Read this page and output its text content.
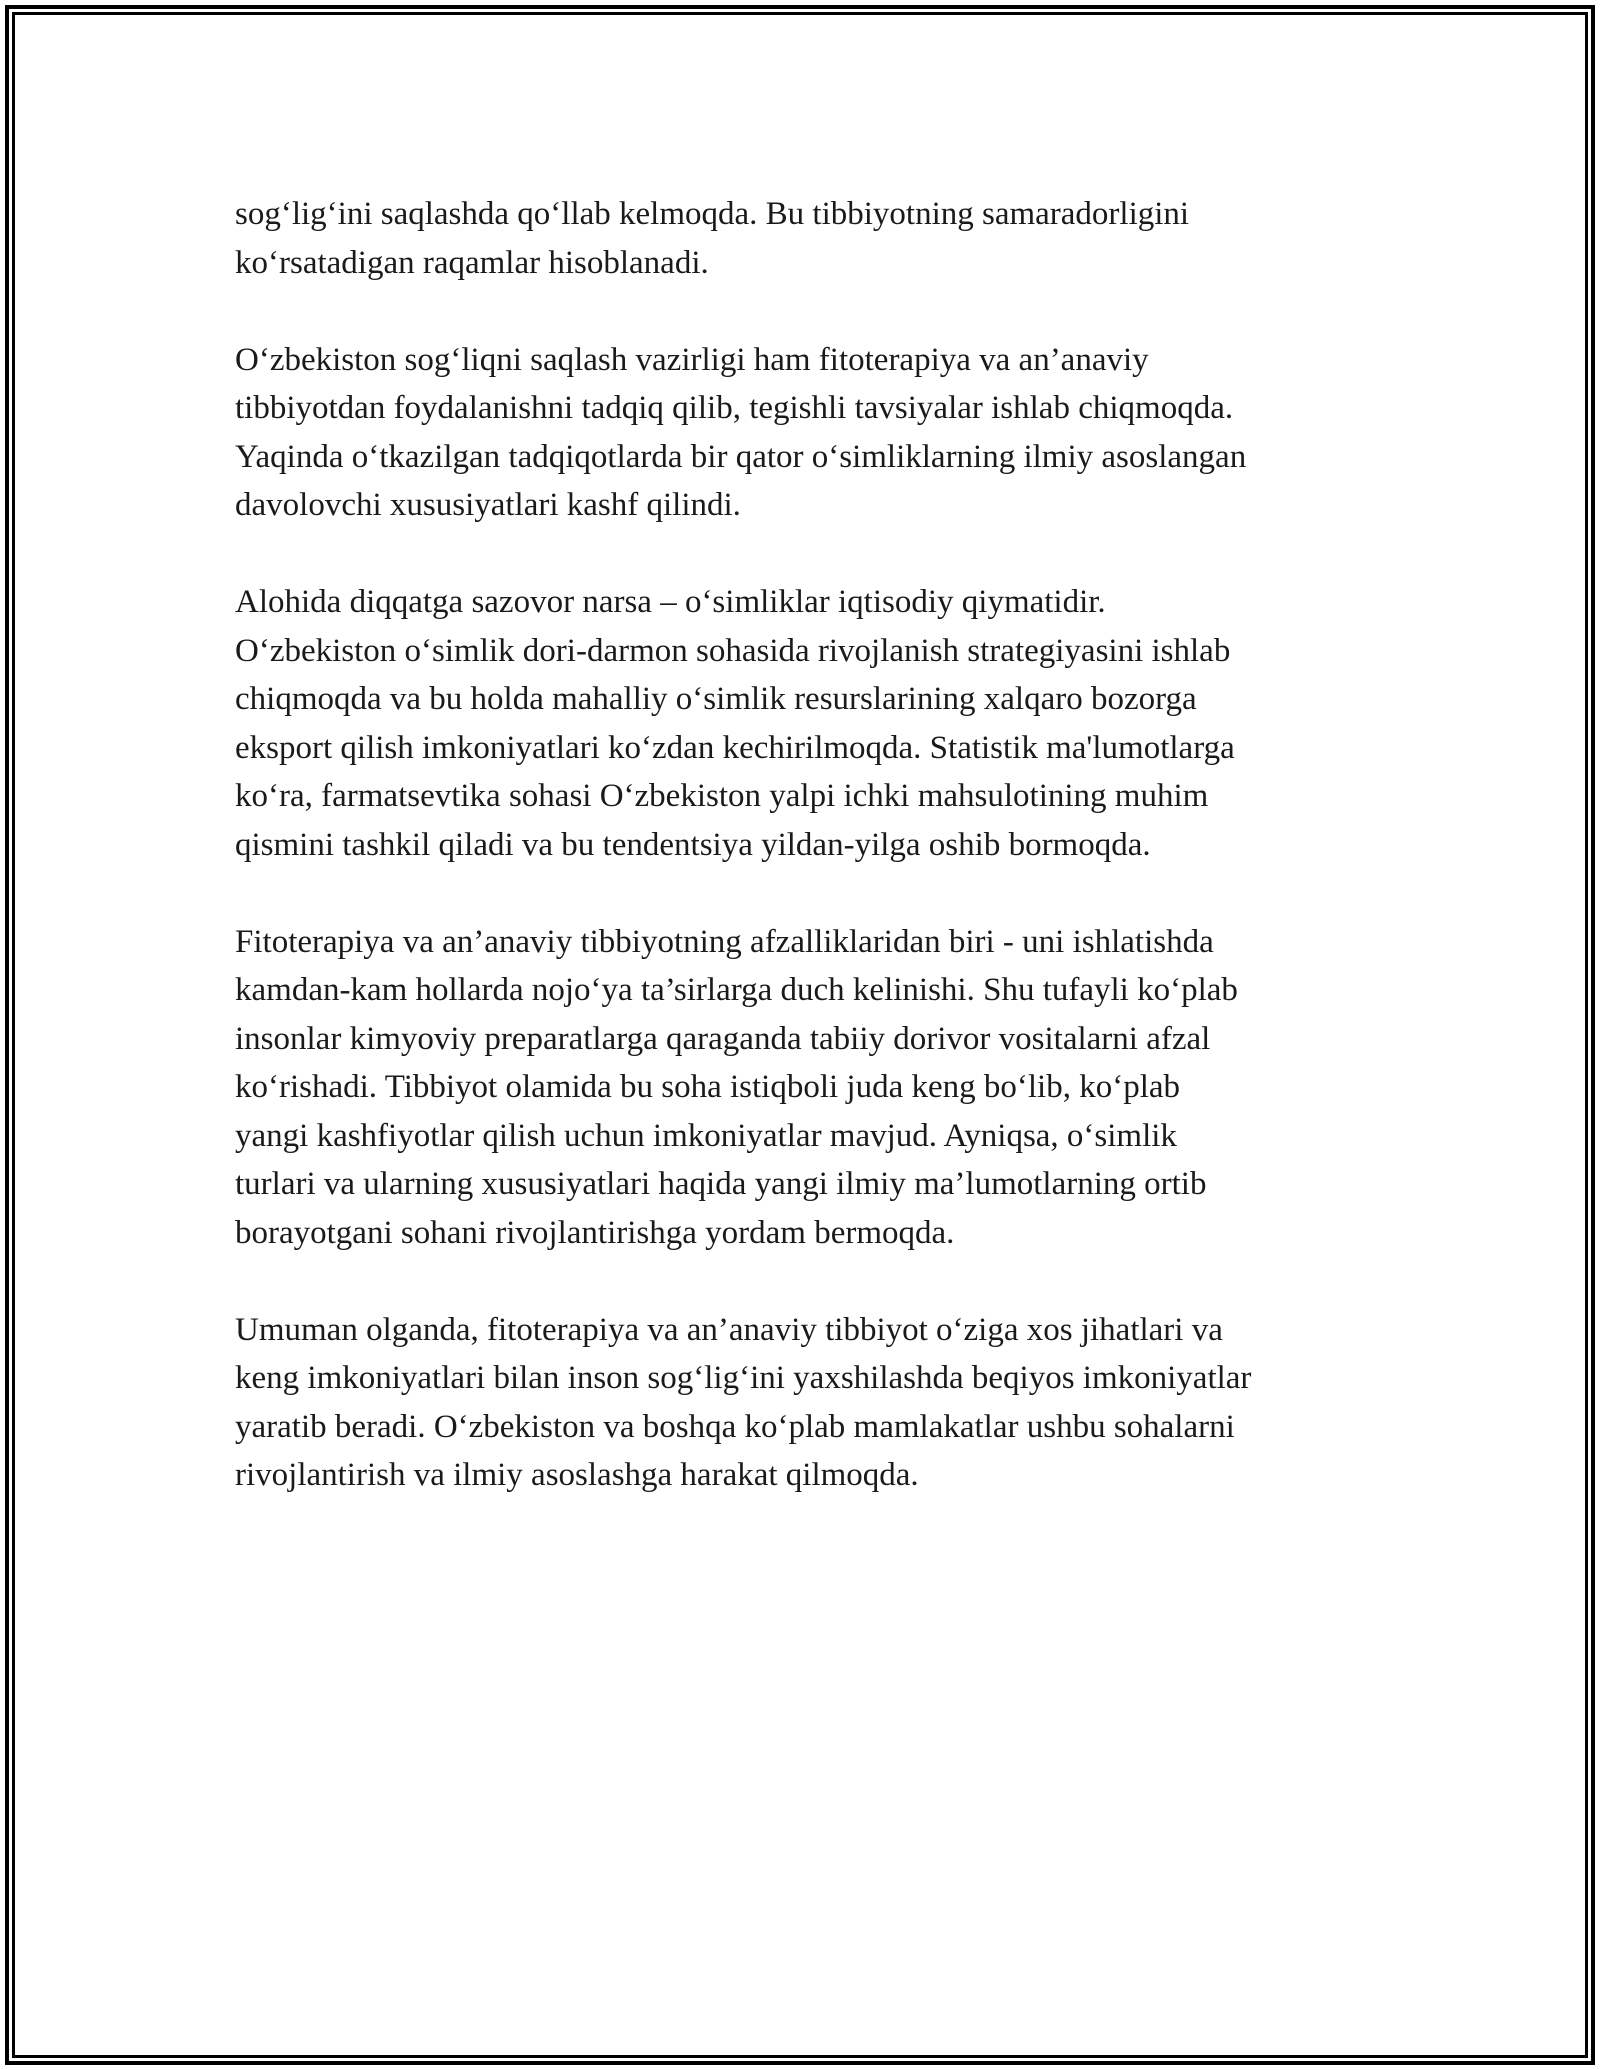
sog‘lig‘ini saqlashda qo‘llab kelmoqda. Bu tibbiyotning samaradorligini
ko‘rsatadigan raqamlar hisoblanadi.

O‘zbekiston sog‘liqni saqlash vazirligi ham fitoterapiya va an’anaviy
tibbiyotdan foydalanishni tadqiq qilib, tegishli tavsiyalar ishlab chiqmoqda.
Yaqinda o‘tkazilgan tadqiqotlarda bir qator o‘simliklarning ilmiy asoslangan
davolovchi xususiyatlari kashf qilindi.

Alohida diqqatga sazovor narsa – o‘simliklar iqtisodiy qiymatidir.
O‘zbekiston o‘simlik dori-darmon sohasida rivojlanish strategiyasini ishlab
chiqmoqda va bu holda mahalliy o‘simlik resurslarining xalqaro bozorga
eksport qilish imkoniyatlari ko‘zdan kechirilmoqda. Statistik ma'lumotlarga
ko‘ra, farmatsevtika sohasi O‘zbekiston yalpi ichki mahsulotining muhim
qismini tashkil qiladi va bu tendentsiya yildan-yilga oshib bormoqda.

Fitoterapiya va an’anaviy tibbiyotning afzalliklaridan biri - uni ishlatishda
kamdan-kam hollarda nojo‘ya ta’sirlarga duch kelinishi. Shu tufayli ko‘plab
insonlar kimyoviy preparatlarga qaraganda tabiiy dorivor vositalarni afzal
ko‘rishadi. Tibbiyot olamida bu soha istiqboli juda keng bo‘lib, ko‘plab
yangi kashfiyotlar qilish uchun imkoniyatlar mavjud. Ayniqsa, o‘simlik
turlari va ularning xususiyatlari haqida yangi ilmiy ma’lumotlarning ortib
borayotgani sohani rivojlantirishga yordam bermoqda.

Umuman olganda, fitoterapiya va an’anaviy tibbiyot o‘ziga xos jihatlari va
keng imkoniyatlari bilan inson sog‘lig‘ini yaxshilashda beqiyos imkoniyatlar
yaratib beradi. O‘zbekiston va boshqa ko‘plab mamlakatlar ushbu sohalarni
rivojlantirish va ilmiy asoslashga harakat qilmoqda.
